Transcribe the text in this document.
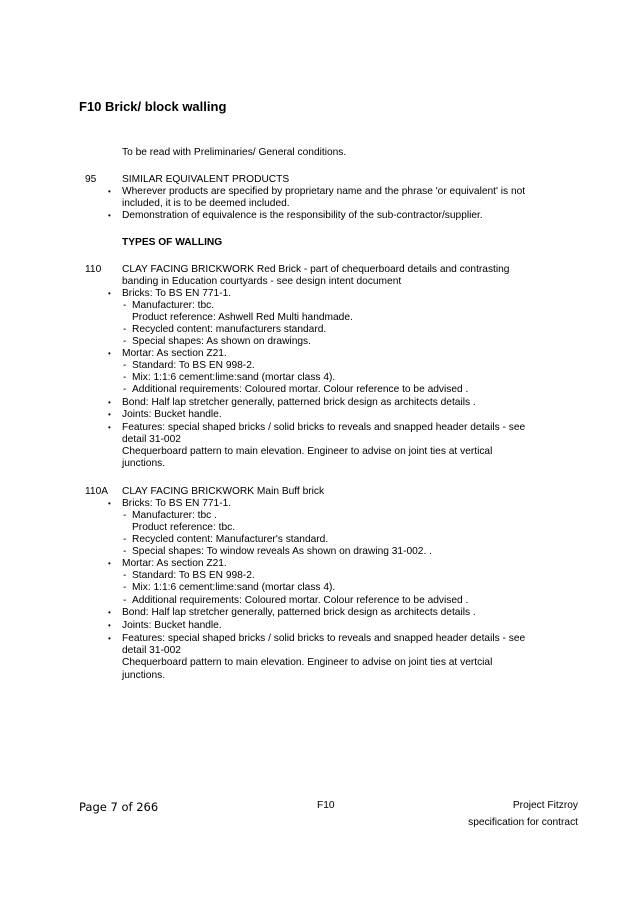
F10 Brick/ block walling
To be read with Preliminaries/ General conditions.
95	SIMILAR EQUIVALENT PRODUCTS
• Wherever products are specified by proprietary name and the phrase 'or equivalent' is not
included, it is to be deemed included.
• Demonstration of equivalence is the responsibility of the sub-contractor/supplier.
TYPES OF WALLING
110 CLAY FACING BRICKWORK Red Brick - part of chequerboard details and contrasting
banding in Education courtyards - see design intent document
• Bricks: To BS EN 771-1.
- Manufacturer: tbc.
Product reference: Ashwell Red Multi handmade.
- Recycled content: manufacturers standard.
- Special shapes: As shown on drawings.
• Mortar: As section Z21.
- Standard: To BS EN 998-2.
- Mix: 1:1:6 cement:lime:sand (mortar class 4).
- Additional requirements: Coloured mortar. Colour reference to be advised .
• Bond: Half lap stretcher generally, patterned brick design as architects details .
• Joints: Bucket handle.
• Features: special shaped bricks / solid bricks to reveals and snapped header details - see
detail 31-002
Chequerboard pattern to main elevation. Engineer to advise on joint ties at vertical
junctions.
110A CLAY FACING BRICKWORK Main Buff brick
• Bricks: To BS EN 771-1.
- Manufacturer: tbc .
Product reference: tbc.
- Recycled content: Manufacturer's standard.
- Special shapes: To window reveals As shown on drawing 31-002. .
• Mortar: As section Z21.
- Standard: To BS EN 998-2.
- Mix: 1:1:6 cement:lime:sand (mortar class 4).
- Additional requirements: Coloured mortar. Colour reference to be advised .
• Bond: Half lap stretcher generally, patterned brick design as architects details .
• Joints: Bucket handle.
• Features: special shaped bricks / solid bricks to reveals and snapped header details - see
detail 31-002
Chequerboard pattern to main elevation. Engineer to advise on joint ties at vertcial
junctions.
Page 7 of 266	F10	Project Fitzroy
specification for contract
